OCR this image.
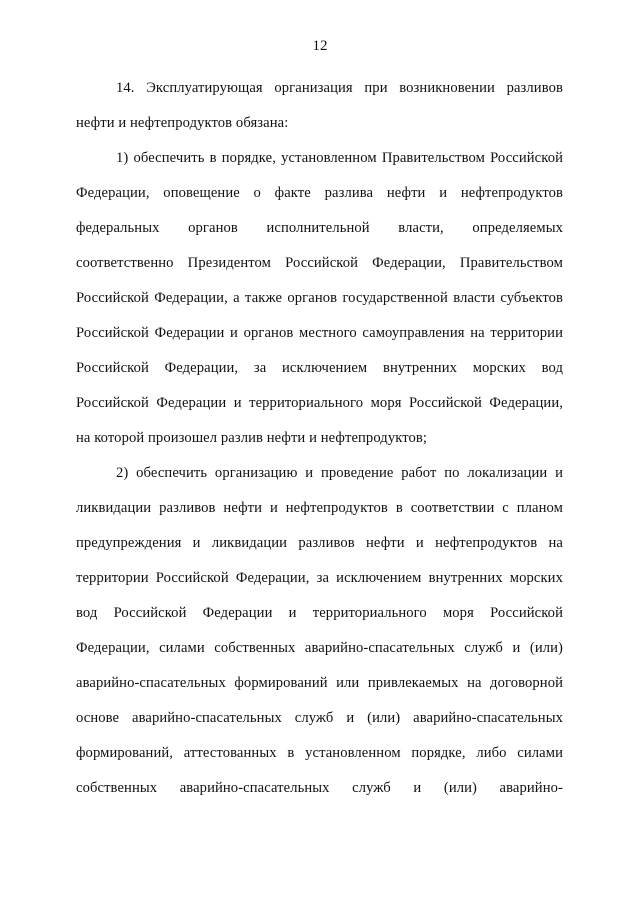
12
14. Эксплуатирующая организация при возникновении разливов
нефти и нефтепродуктов обязана:
1) обеспечить в порядке, установленном Правительством Российской
Федерации, оповещение о факте разлива нефти и нефтепродуктов
федеральных органов исполнительной власти, определяемых
соответственно Президентом Российской Федерации, Правительством
Российской Федерации, а также органов государственной власти субъектов
Российской Федерации и органов местного самоуправления на территории
Российской Федерации, за исключением внутренних морских вод
Российской Федерации и территориального моря Российской Федерации,
на которой произошел разлив нефти и нефтепродуктов;
2) обеспечить организацию и проведение работ по локализации и
ликвидации разливов нефти и нефтепродуктов в соответствии с планом
предупреждения и ликвидации разливов нефти и нефтепродуктов на
территории Российской Федерации, за исключением внутренних морских
вод Российской Федерации и территориального моря Российской
Федерации, силами собственных аварийно-спасательных служб и (или)
аварийно-спасательных формирований или привлекаемых на договорной
основе аварийно-спасательных служб и (или) аварийно-спасательных
формирований, аттестованных в установленном порядке, либо силами
собственных аварийно-спасательных служб и (или) аварийно-
